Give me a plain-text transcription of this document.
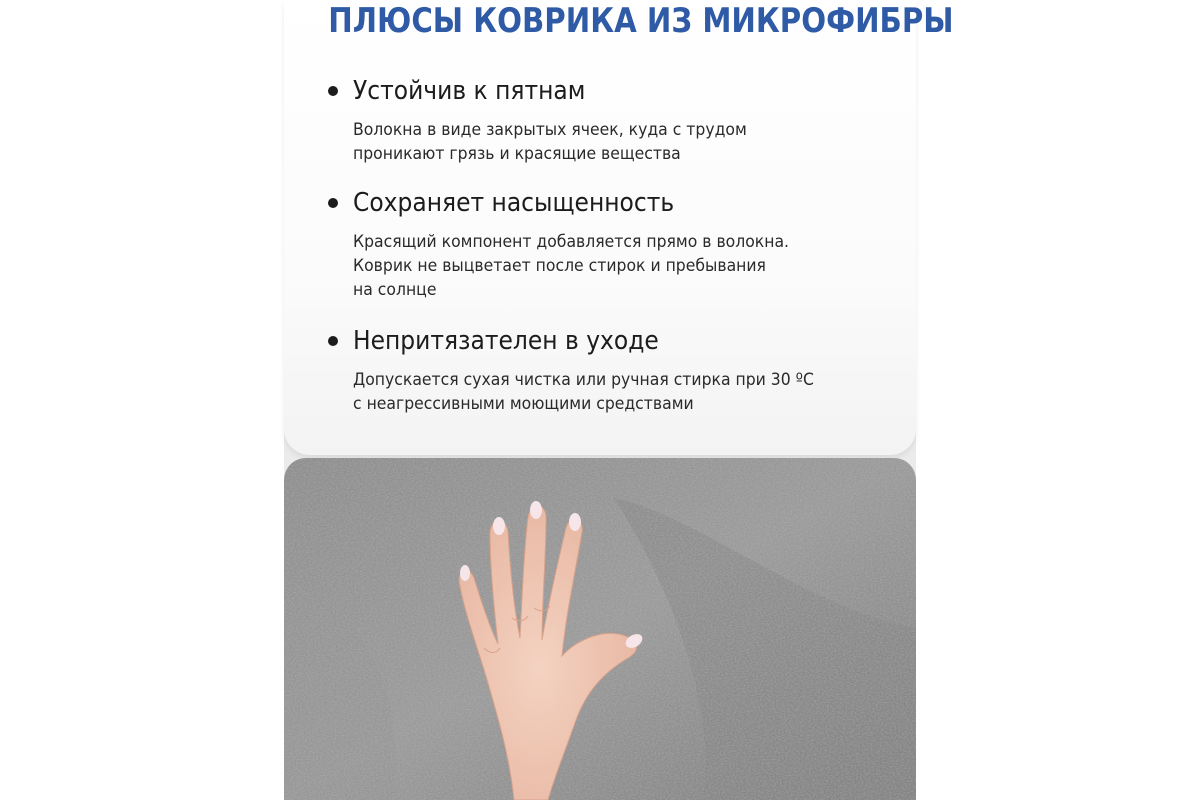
ПЛЮСЫ КОВРИКА ИЗ МИКРОФИБРЫ
Устойчив к пятнам
Волокна в виде закрытых ячеек, куда с трудом
проникают грязь и красящие вещества
Сохраняет насыщенность
Красящий компонент добавляется прямо в волокна.
Коврик не выцветает после стирок и пребывания
на солнце
Непритязателен в уходе
Допускается сухая чистка или ручная стирка при 30 ºС
с неагрессивными моющими средствами
